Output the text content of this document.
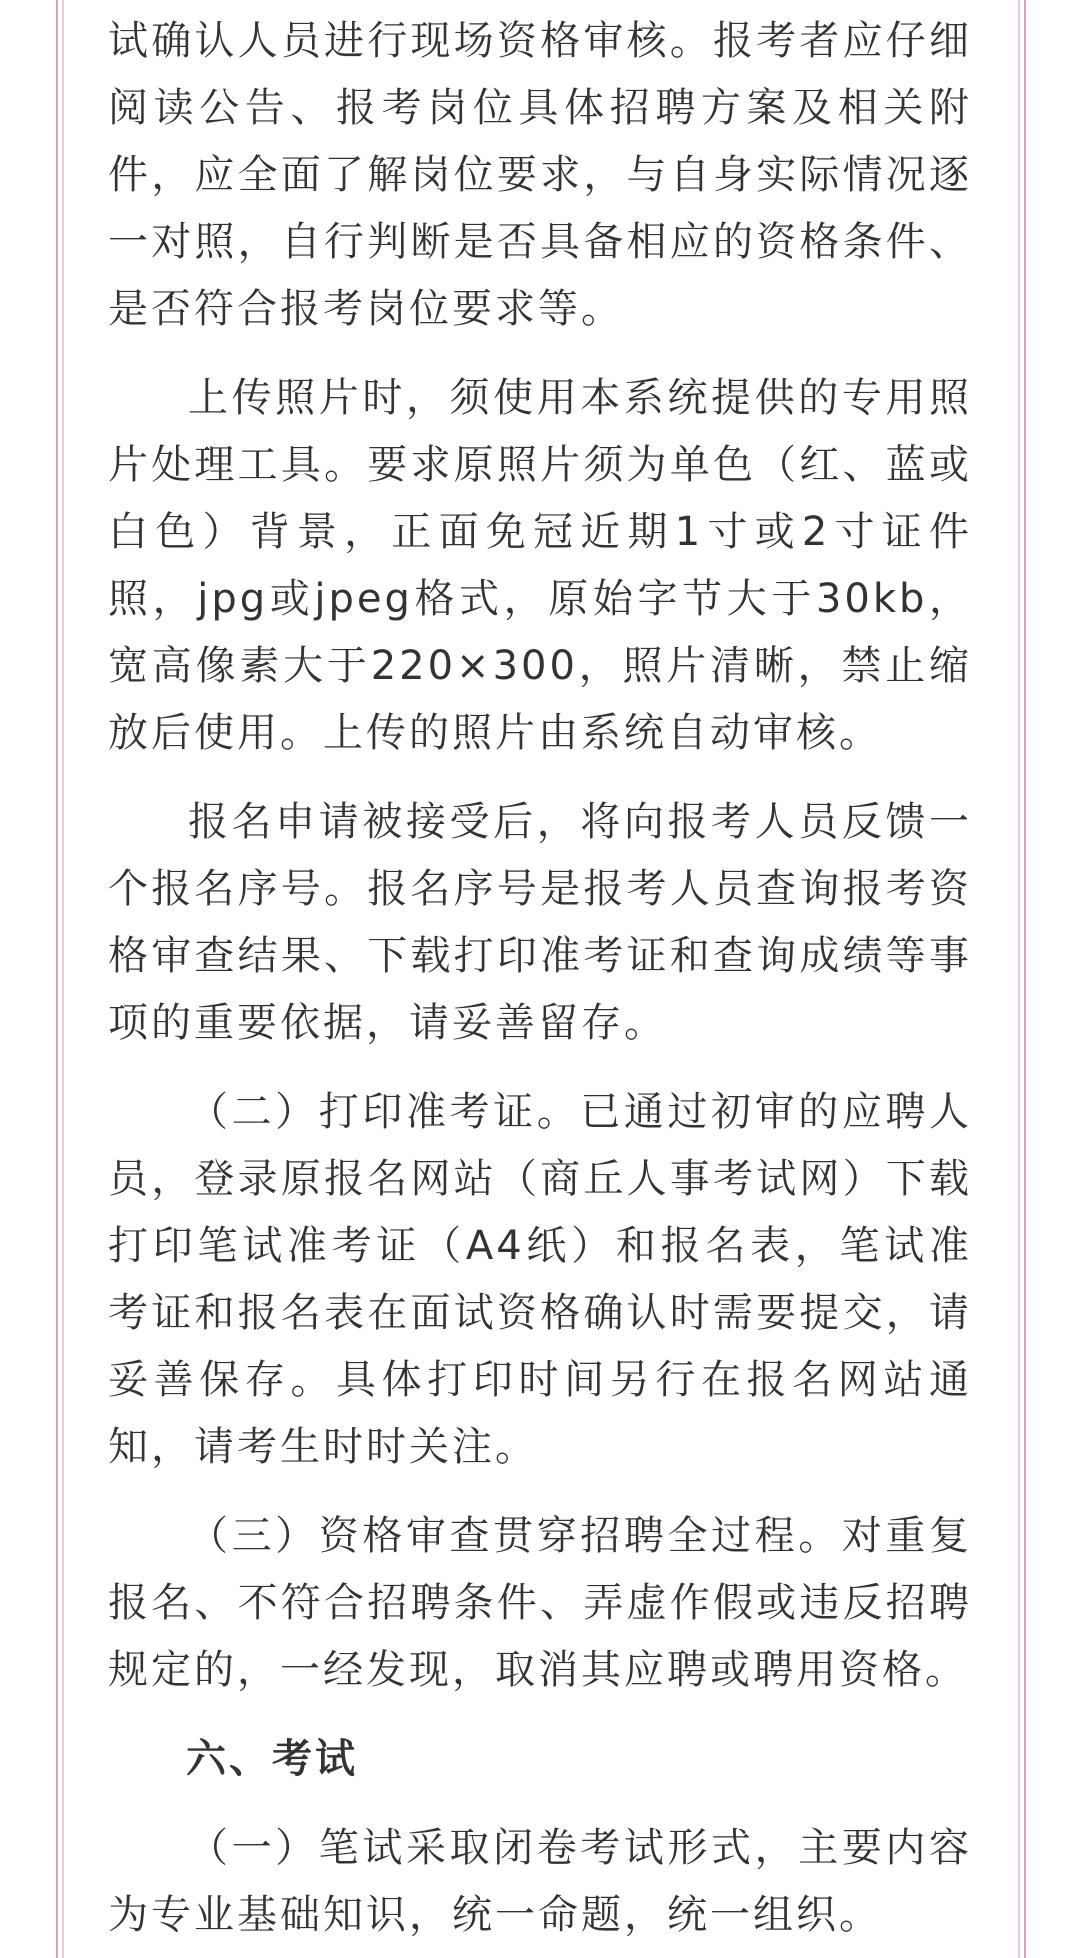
试确认人员进行现场资格审核。报考者应仔细阅读公告、报考岗位具体招聘方案及相关附件，应全面了解岗位要求，与自身实际情况逐一对照，自行判断是否具备相应的资格条件、是否符合报考岗位要求等。

上传照片时，须使用本系统提供的专用照片处理工具。要求原照片须为单色（红、蓝或白色）背景，正面免冠近期1寸或2寸证件照，jpg或jpeg格式，原始字节大于30kb，宽高像素大于220×300，照片清晰，禁止缩放后使用。上传的照片由系统自动审核。

报名申请被接受后，将向报考人员反馈一个报名序号。报名序号是报考人员查询报考资格审查结果、下载打印准考证和查询成绩等事项的重要依据，请妥善留存。

（二）打印准考证。已通过初审的应聘人员，登录原报名网站（商丘人事考试网）下载打印笔试准考证（A4纸）和报名表，笔试准考证和报名表在面试资格确认时需要提交，请妥善保存。具体打印时间另行在报名网站通知，请考生时时关注。

（三）资格审查贯穿招聘全过程。对重复报名、不符合招聘条件、弄虚作假或违反招聘规定的，一经发现，取消其应聘或聘用资格。

六、考试

（一）笔试采取闭卷考试形式，主要内容为专业基础知识，统一命题，统一组织。
